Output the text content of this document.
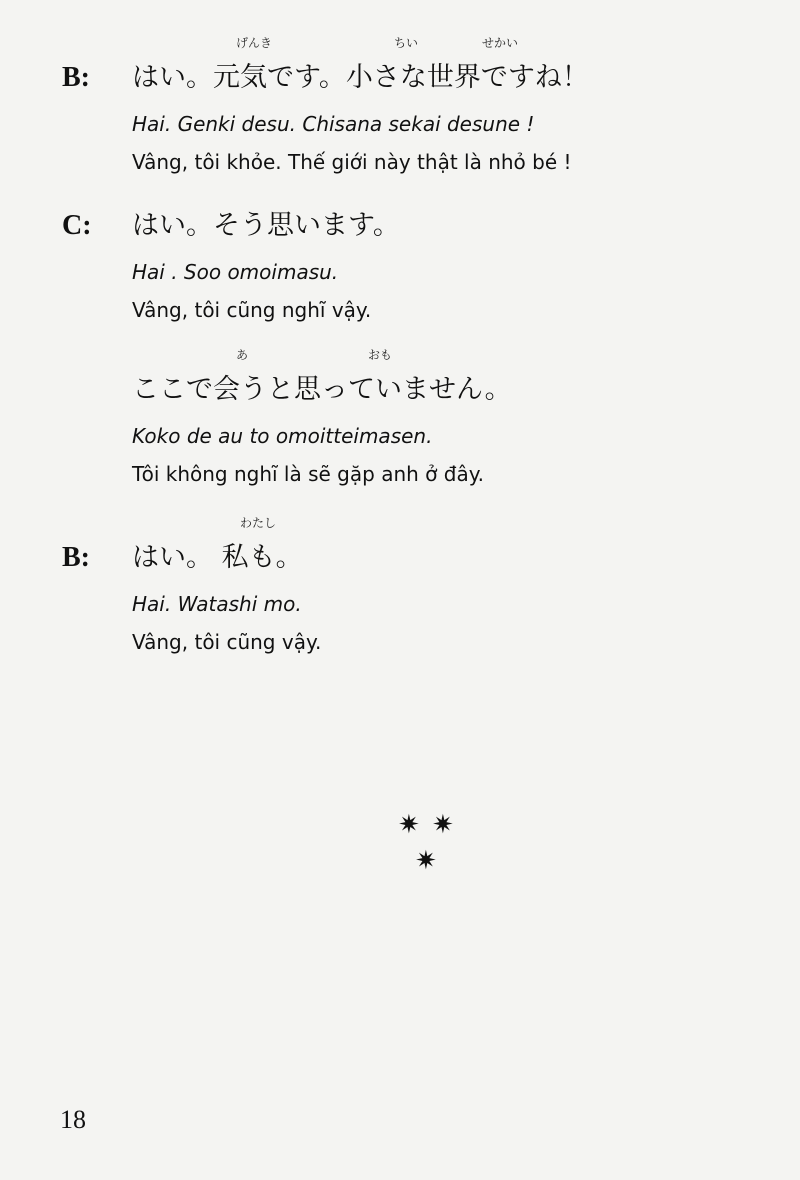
B: はい。元気です。小さな世界ですね！
げんき	ちい	せかい
Hai. Genki desu. Chisana sekai desune !
Vâng, tôi khỏe. Thế giới này thật là nhỏ bé !
C: はい。そう思います。
Hai . Soo omoimasu.
Vâng, tôi cũng nghĩ vậy.
ここで会うと思っていません。
あ	おも
Koko de au to omoitteimasen.
Tôi không nghĩ là sẽ gặp anh ở đây.
B: はい。 私も。
わたし
Hai. Watashi mo.
Vâng, tôi cũng vậy.
✷ ✷
✷
18
